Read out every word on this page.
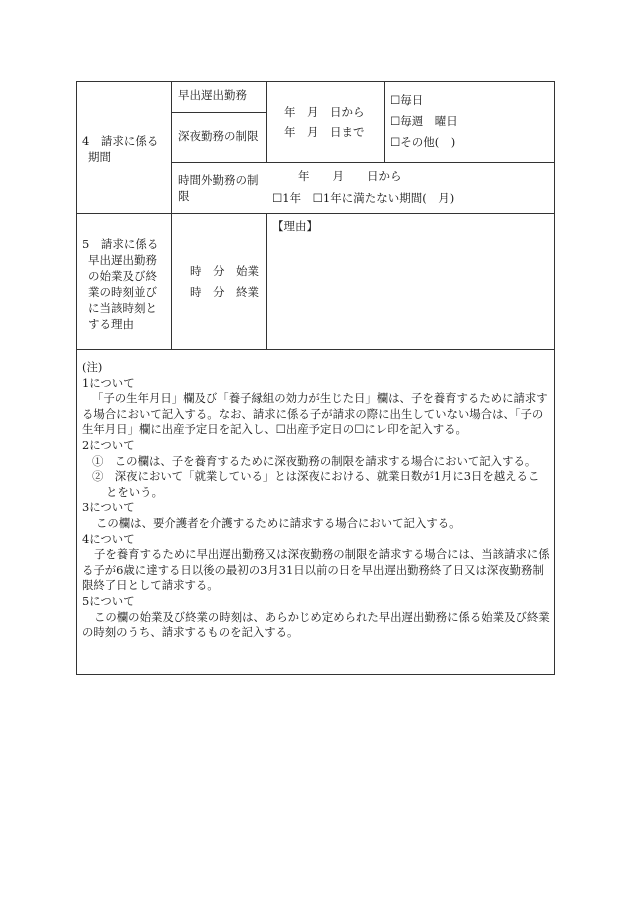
4　請求に係る
期間
早出遅出勤務
深夜勤務の制限
年　月　日から
年　月　日まで
☐毎日
☐毎週　曜日
☐その他(　)
時間外勤務の制
限
年　　月　　日から
☐1年　☐1年に満たない期間(　月)
5　請求に係る
早出遅出勤務
の始業及び終
業の時刻並び
に当該時刻と
する理由
時　分　始業
時　分　終業
【理由】

(注)

1について

「子の生年月日」欄及び「養子縁組の効力が生じた日」欄は、子を養育するために請求する場合において記入する。なお、請求に係る子が請求の際に出生していない場合は、「子の生年月日」欄に出産予定日を記入し、☐出産予定日の☐にレ印を記入する。

2について

①　この欄は、子を養育するために深夜勤務の制限を請求する場合において記入する。

②　深夜において「就業している」とは深夜における、就業日数が1月に3日を越えることをいう。

3について

この欄は、要介護者を介護するために請求する場合において記入する。

4について

子を養育するために早出遅出勤務又は深夜勤務の制限を請求する場合には、当該請求に係る子が6歳に達する日以後の最初の3月31日以前の日を早出遅出勤務終了日又は深夜勤務制限終了日として請求する。

5について

この欄の始業及び終業の時刻は、あらかじめ定められた早出遅出勤務に係る始業及び終業の時刻のうち、請求するものを記入する。
